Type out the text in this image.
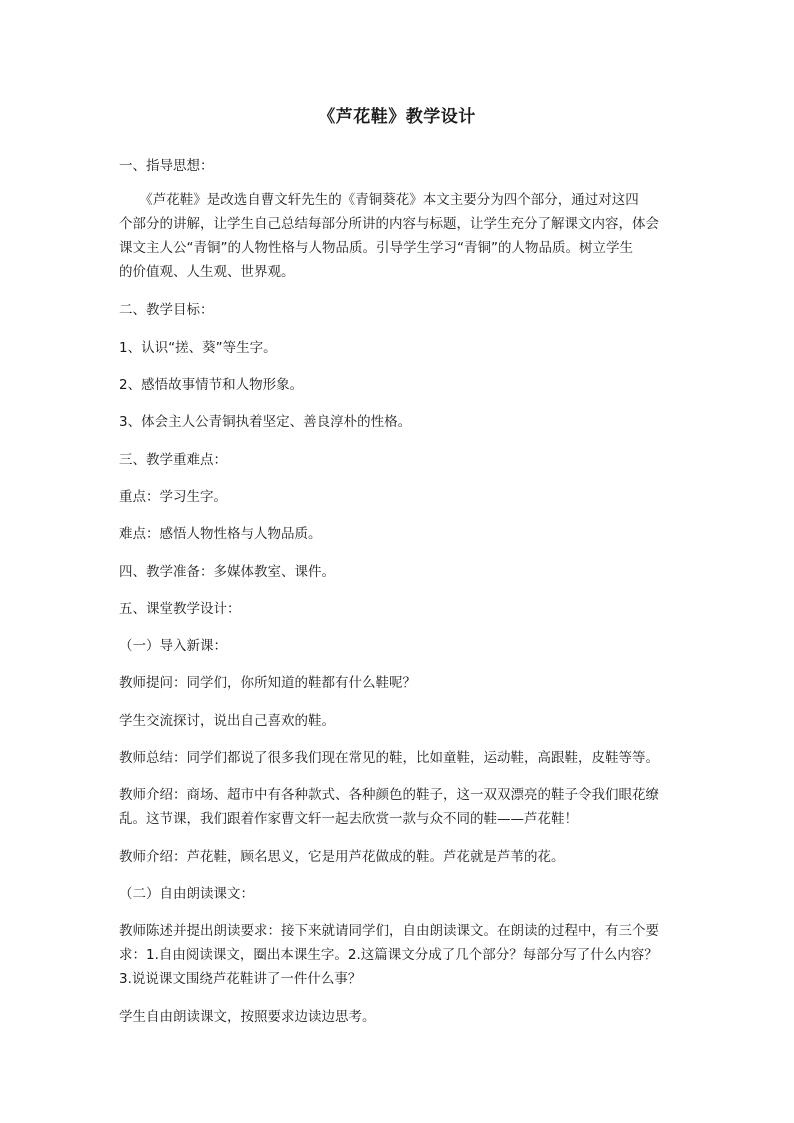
《芦花鞋》教学设计
一、指导思想：
　　《芦花鞋》是改选自曹文轩先生的《青铜葵花》本文主要分为四个部分，通过对这四
个部分的讲解，让学生自己总结每部分所讲的内容与标题，让学生充分了解课文内容，体会
课文主人公“青铜”的人物性格与人物品质。引导学生学习“青铜”的人物品质。树立学生
的价值观、人生观、世界观。
二、教学目标：
1、认识“搓、葵”等生字。
2、感悟故事情节和人物形象。
3、体会主人公青铜执着坚定、善良淳朴的性格。
三、教学重难点：
重点：学习生字。
难点：感悟人物性格与人物品质。
四、教学准备：多媒体教室、课件。
五、课堂教学设计：
（一）导入新课：
教师提问：同学们，你所知道的鞋都有什么鞋呢？
学生交流探讨，说出自己喜欢的鞋。
教师总结：同学们都说了很多我们现在常见的鞋，比如童鞋，运动鞋，高跟鞋，皮鞋等等。
教师介绍：商场、超市中有各种款式、各种颜色的鞋子，这一双双漂亮的鞋子令我们眼花缭
乱。这节课，我们跟着作家曹文轩一起去欣赏一款与众不同的鞋——芦花鞋！
教师介绍：芦花鞋，顾名思义，它是用芦花做成的鞋。芦花就是芦苇的花。
（二）自由朗读课文：
教师陈述并提出朗读要求：接下来就请同学们，自由朗读课文。在朗读的过程中，有三个要
求：1.自由阅读课文，圈出本课生字。2.这篇课文分成了几个部分？每部分写了什么内容？
3.说说课文围绕芦花鞋讲了一件什么事？
学生自由朗读课文，按照要求边读边思考。
